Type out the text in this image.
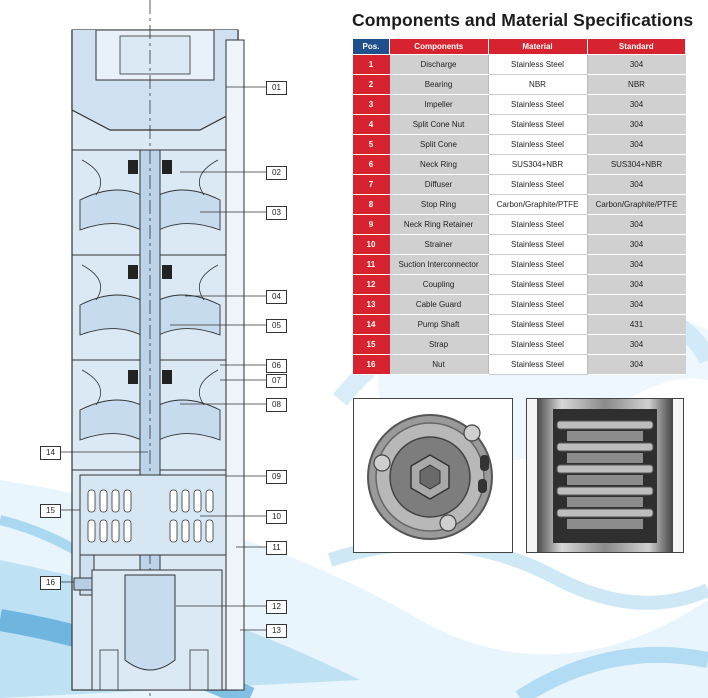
01
02
03
04
05
06
07
08
09
10
11
12
13
14
15
16
Components and Material Specifications
Pos.	Components	Material	Standard
1	Discharge	Stainless Steel	304
2	Bearing	NBR	NBR
3	Impeller	Stainless Steel	304
4	Split Cone Nut	Stainless Steel	304
5	Split Cone	Stainless Steel	304
6	Neck Ring	SUS304+NBR	SUS304+NBR
7	Diffuser	Stainless Steel	304
8	Stop Ring	Carbon/Graphite/PTFE	Carbon/Graphite/PTFE
9	Neck Ring Retainer	Stainless Steel	304
10	Strainer	Stainless Steel	304
11	Suction Interconnector	Stainless Steel	304
12	Coupling	Stainless Steel	304
13	Cable Guard	Stainless Steel	304
14	Pump Shaft	Stainless Steel	431
15	Strap	Stainless Steel	304
16	Nut	Stainless Steel	304
